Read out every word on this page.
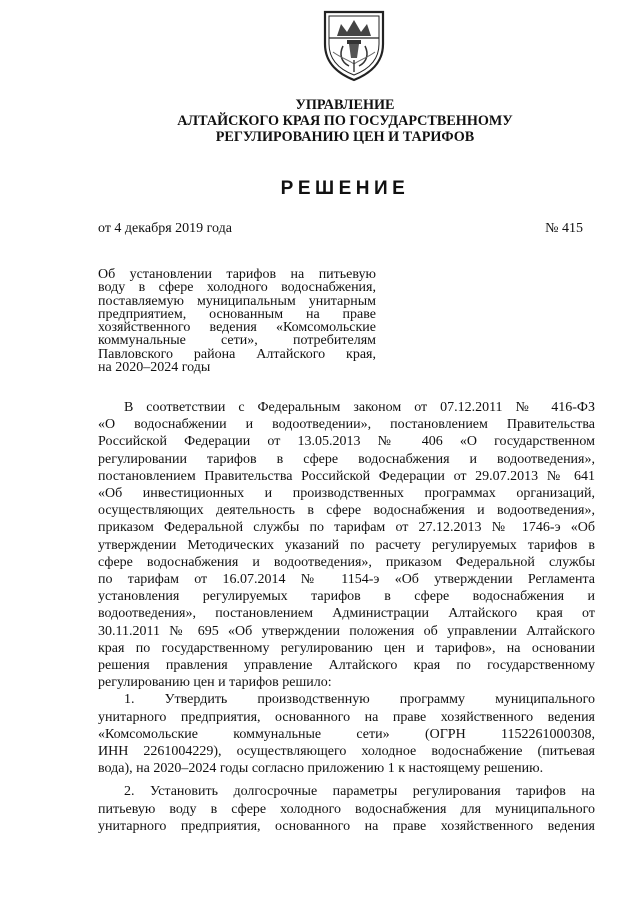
УПРАВЛЕНИЕ
АЛТАЙСКОГО КРАЯ ПО ГОСУДАРСТВЕННОМУ
РЕГУЛИРОВАНИЮ ЦЕН И ТАРИФОВ
РЕШЕНИЕ
от 4 декабря 2019 года	№ 415
Об установлении тарифов на питьевую
воду в сфере холодного водоснабжения,
поставляемую муниципальным унитарным
предприятием, основанным на праве
хозяйственного ведения «Комсомольские
коммунальные сети», потребителям
Павловского района Алтайского края,
на 2020–2024 годы
В соответствии с Федеральным законом от 07.12.2011 № 416-ФЗ
«О водоснабжении и водоотведении», постановлением Правительства
Российской Федерации от 13.05.2013 № 406 «О государственном
регулировании тарифов в сфере водоснабжения и водоотведения»,
постановлением Правительства Российской Федерации от 29.07.2013 № 641
«Об инвестиционных и производственных программах организаций,
осуществляющих деятельность в сфере водоснабжения и водоотведения»,
приказом Федеральной службы по тарифам от 27.12.2013 № 1746-э «Об
утверждении Методических указаний по расчету регулируемых тарифов в
сфере водоснабжения и водоотведения», приказом Федеральной службы
по тарифам от 16.07.2014 № 1154-э «Об утверждении Регламента
установления регулируемых тарифов в сфере водоснабжения и
водоотведения», постановлением Администрации Алтайского края от
30.11.2011 № 695 «Об утверждении положения об управлении Алтайского
края по государственному регулированию цен и тарифов», на основании
решения правления управление Алтайского края по государственному
регулированию цен и тарифов решило:
1. Утвердить производственную программу муниципального
унитарного предприятия, основанного на праве хозяйственного ведения
«Комсомольские коммунальные сети» (ОГРН 1152261000308,
ИНН 2261004229), осуществляющего холодное водоснабжение (питьевая
вода), на 2020–2024 годы согласно приложению 1 к настоящему решению.
2. Установить долгосрочные параметры регулирования тарифов на
питьевую воду в сфере холодного водоснабжения для муниципального
унитарного предприятия, основанного на праве хозяйственного ведения
